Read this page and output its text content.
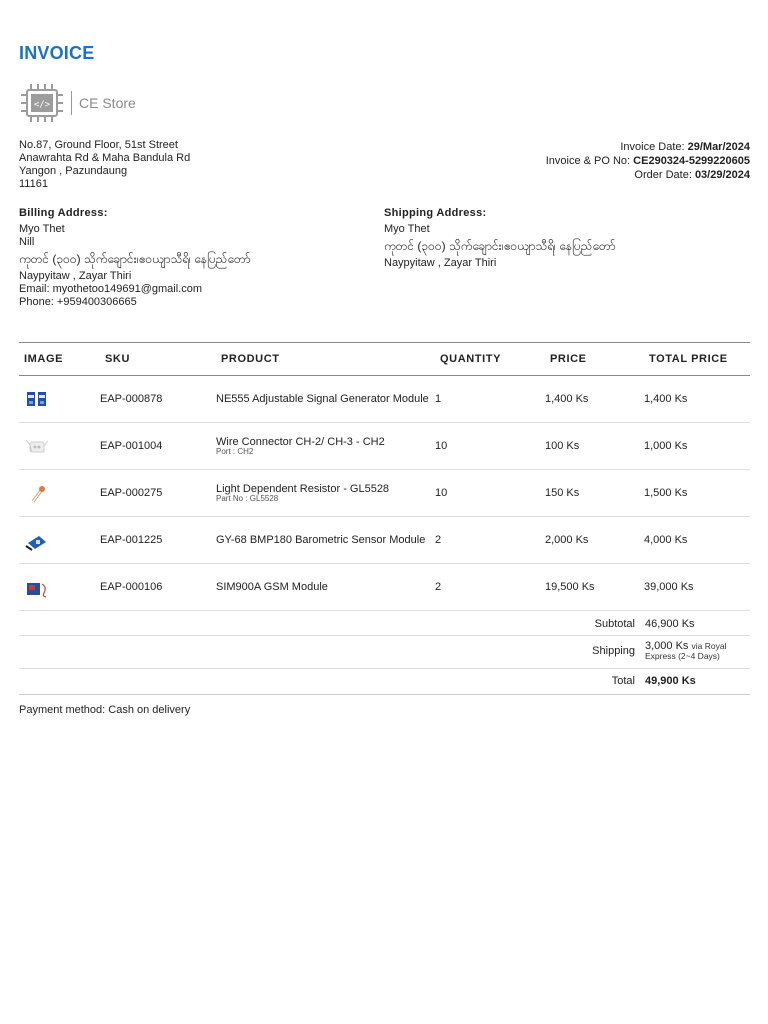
INVOICE
</> CE Store
No.87, Ground Floor, 51st Street
Anawrahta Rd & Maha Bandula Rd
Yangon , Pazundaung
11161
Invoice Date: 29/Mar/2024
Invoice & PO No: CE290324-5299220605
Order Date: 03/29/2024
Billing Address:
Myo Thet
Nill
ကုတင် (၃၀၀) သိုက်ချောင်း၊ဧဝယျာသီရိ၊ နေပြည်တော်
Naypyitaw , Zayar Thiri
Email: myothetoo149691@gmail.com
Phone: +959400306665
Shipping Address:
Myo Thet
ကုတင် (၃၀၀) သိုက်ချောင်း၊ဧဝယျာသီရိ၊ နေပြည်တော်
Naypyitaw , Zayar Thiri
IMAGE	SKU	PRODUCT	QUANTITY	PRICE	TOTAL PRICE

	EAP-000878	NE555 Adjustable Signal Generator Module	1	1,400 Ks	1,400 Ks

	EAP-001004	Wire Connector CH-2/ CH-3 - CH2
Port : CH2	10	100 Ks	1,000 Ks

	EAP-000275	Light Dependent Resistor - GL5528
Part No : GL5528	10	150 Ks	1,500 Ks

	EAP-001225	GY-68 BMP180 Barometric Sensor Module	2	2,000 Ks	4,000 Ks

	EAP-000106	SIM900A GSM Module	2	19,500 Ks	39,000 Ks
Subtotal 46,900 Ks
Shipping 3,000 Ks via Royal Express (2~4 Days)
Total 49,900 Ks
Payment method: Cash on delivery
